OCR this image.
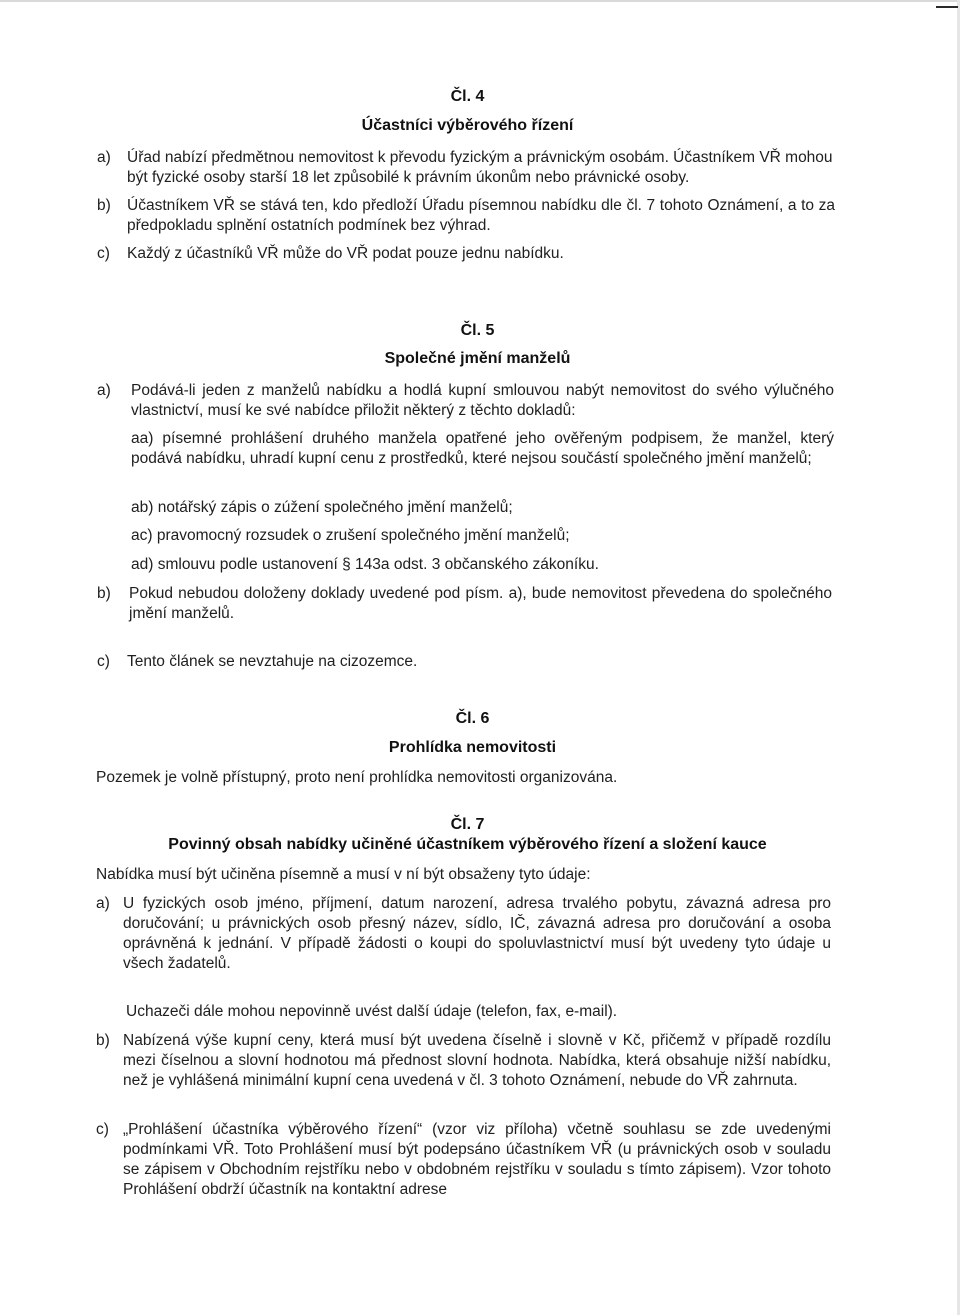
Čl. 4
Účastníci výběrového řízení
a) Úřad nabízí předmětnou nemovitost k převodu fyzickým a právnickým osobám. Účastníkem VŘ mohou být fyzické osoby starší 18 let způsobilé k právním úkonům nebo právnické osoby.
b) Účastníkem VŘ se stává ten, kdo předloží Úřadu písemnou nabídku dle čl. 7 tohoto Oznámení, a to za předpokladu splnění ostatních podmínek bez výhrad.
c) Každý z účastníků VŘ může do VŘ podat pouze jednu nabídku.
Čl. 5
Společné jmění manželů
a) Podává-li jeden z manželů nabídku a hodlá kupní smlouvou nabýt nemovitost do svého výlučného vlastnictví, musí ke své nabídce přiložit některý z těchto dokladů:
aa) písemné prohlášení druhého manžela opatřené jeho ověřeným podpisem, že manžel, který podává nabídku, uhradí kupní cenu z prostředků, které nejsou součástí společného jmění manželů;
ab) notářský zápis o zúžení společného jmění manželů;
ac) pravomocný rozsudek o zrušení společného jmění manželů;
ad) smlouvu podle ustanovení § 143a odst. 3 občanského zákoníku.
b) Pokud nebudou doloženy doklady uvedené pod písm. a), bude nemovitost převedena do společného jmění manželů.
c) Tento článek se nevztahuje na cizozemce.
Čl. 6
Prohlídka nemovitosti
Pozemek je volně přístupný, proto není prohlídka nemovitosti organizována.
Čl. 7
Povinný obsah nabídky učiněné účastníkem výběrového řízení a složení kauce
Nabídka musí být učiněna písemně a musí v ní být obsaženy tyto údaje:
a) U fyzických osob jméno, příjmení, datum narození, adresa trvalého pobytu, závazná adresa pro doručování; u právnických osob přesný název, sídlo, IČ, závazná adresa pro doručování a osoba oprávněná k jednání. V případě žádosti o koupi do spoluvlastnictví musí být uvedeny tyto údaje u všech žadatelů.
Uchazeči dále mohou nepovinně uvést další údaje (telefon, fax, e-mail).
b) Nabízená výše kupní ceny, která musí být uvedena číselně i slovně v Kč, přičemž v případě rozdílu mezi číselnou a slovní hodnotou má přednost slovní hodnota. Nabídka, která obsahuje nižší nabídku, než je vyhlášená minimální kupní cena uvedená v čl. 3 tohoto Oznámení, nebude do VŘ zahrnuta.
c) „Prohlášení účastníka výběrového řízení“ (vzor viz příloha) včetně souhlasu se zde uvedenými podmínkami VŘ. Toto Prohlášení musí být podepsáno účastníkem VŘ (u právnických osob v souladu se zápisem v Obchodním rejstříku nebo v obdobném rejstříku v souladu s tímto zápisem). Vzor tohoto Prohlášení obdrží účastník na kontaktní adrese
